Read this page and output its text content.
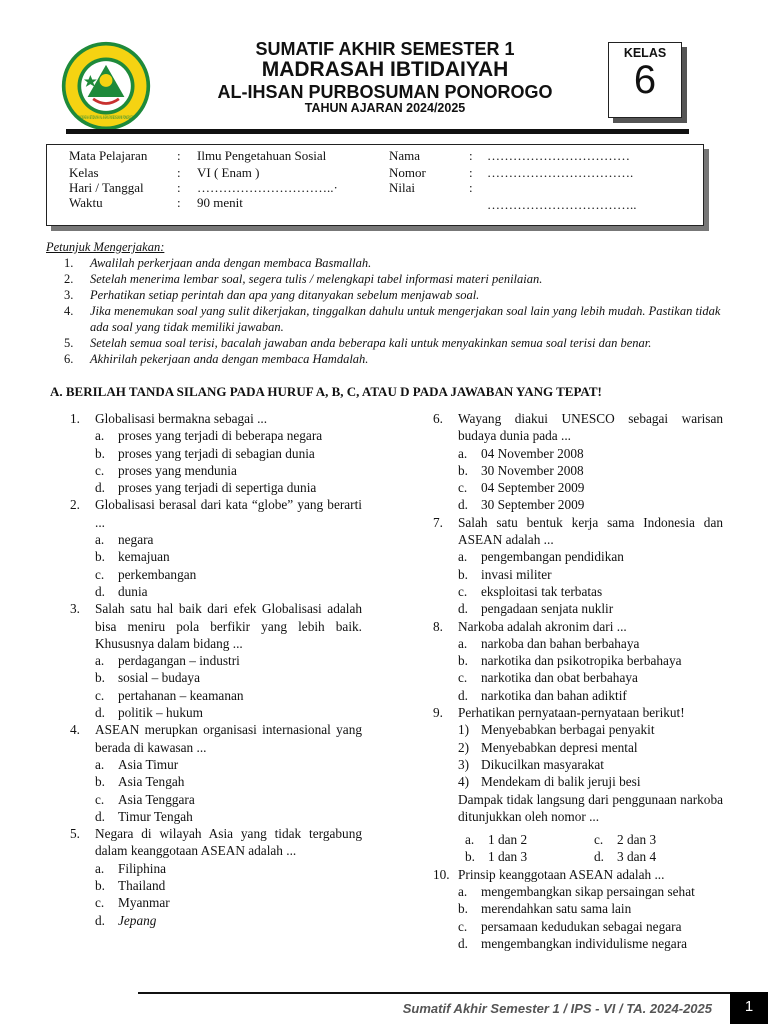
MADRASAH IBTIDAIYAH AL-IHSAN PURBOSUMAN PONOROGO
SUMATIF AKHIR SEMESTER 1
MADRASAH IBTIDAIYAH
AL-IHSAN PURBOSUMAN PONOROGO
TAHUN AJARAN 2024/2025
KELAS
6
Mata Pelajaran : Ilmu Pengetahuan Sosial
Kelas	: VI ( Enam )
Hari / Tanggal	: …………………………..·
Waktu	: 90 menit
Nama	: ……………………………
Nomor	: …………………………….
Nilai	:
……………………………..
Petunjuk Mengerjakan:
1. Awalilah perkerjaan anda dengan membaca Basmallah.
2. Setelah menerima lembar soal, segera tulis / melengkapi tabel informasi materi penilaian.
3. Perhatikan setiap perintah dan apa yang ditanyakan sebelum menjawab soal.
4. Jika menemukan soal yang sulit dikerjakan, tinggalkan dahulu untuk mengerjakan soal lain yang lebih mudah. Pastikan tidak ada soal yang tidak memiliki jawaban.
5. Setelah semua soal terisi, bacalah jawaban anda beberapa kali untuk menyakinkan semua soal terisi dan benar.
6. Akhirilah pekerjaan anda dengan membaca Hamdalah.
A. BERILAH TANDA SILANG PADA HURUF A, B, C, ATAU D PADA JAWABAN YANG TEPAT!
1. Globalisasi bermakna sebagai ...
a. proses yang terjadi di beberapa negara
b. proses yang terjadi di sebagian dunia
c. proses yang mendunia
d. proses yang terjadi di sepertiga dunia
2. Globalisasi berasal dari kata “globe” yang berarti ...
a. negara
b. kemajuan
c. perkembangan
d. dunia
3. Salah satu hal baik dari efek Globalisasi adalah bisa meniru pola berfikir yang lebih baik. Khususnya dalam bidang ...
a. perdagangan – industri
b. sosial – budaya
c. pertahanan – keamanan
d. politik – hukum
4. ASEAN merupkan organisasi internasional yang berada di kawasan ...
a. Asia Timur
b. Asia Tengah
c. Asia Tenggara
d. Timur Tengah
5. Negara di wilayah Asia yang tidak tergabung dalam keanggotaan ASEAN adalah ...
a. Filiphina
b. Thailand
c. Myanmar
d. Jepang
6. Wayang diakui UNESCO sebagai warisan budaya dunia pada ...
a. 04 November 2008
b. 30 November 2008
c. 04 September 2009
d. 30 September 2009
7. Salah satu bentuk kerja sama Indonesia dan ASEAN adalah ...
a. pengembangan pendidikan
b. invasi militer
c. eksploitasi tak terbatas
d. pengadaan senjata nuklir
8. Narkoba adalah akronim dari ...
a. narkoba dan bahan berbahaya
b. narkotika dan psikotropika berbahaya
c. narkotika dan obat berbahaya
d. narkotika dan bahan adiktif
9. Perhatikan pernyataan-pernyataan berikut!
1) Menyebabkan berbagai penyakit
2) Menyebabkan depresi mental
3) Dikucilkan masyarakat
4) Mendekam di balik jeruji besi
Dampak tidak langsung dari penggunaan narkoba ditunjukkan oleh nomor ...
a. 1 dan 2	c. 2 dan 3
b. 1 dan 3	d. 3 dan 4
10. Prinsip keanggotaan ASEAN adalah ...
a. mengembangkan sikap persaingan sehat
b. merendahkan satu sama lain
c. persamaan kedudukan sebagai negara
d. mengembangkan individulisme negara
Sumatif Akhir Semester 1 / IPS - VI / TA. 2024-2025	1
